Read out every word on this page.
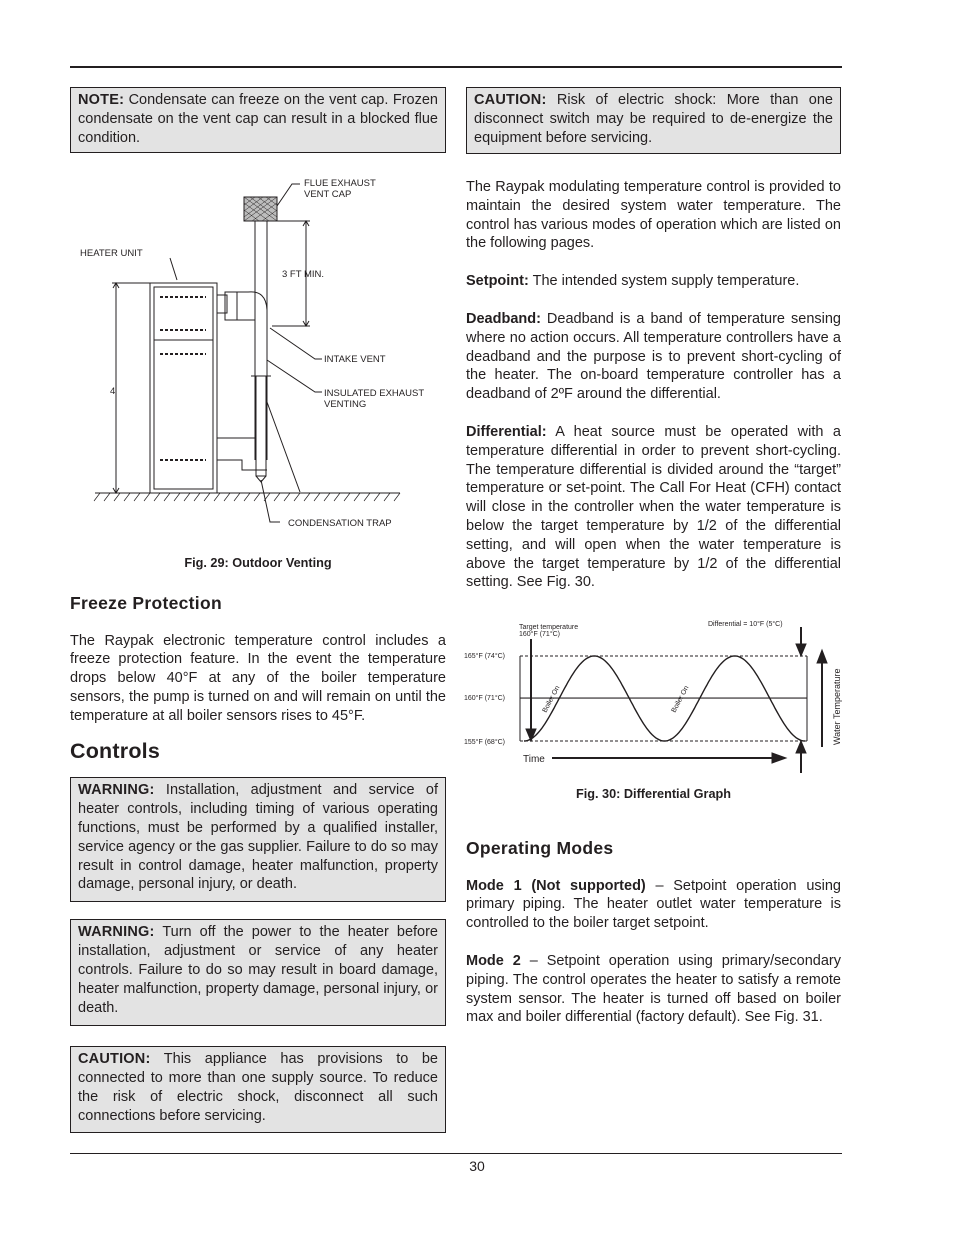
NOTE: Condensate can freeze on the vent cap. Frozen condensate on the vent cap can result in a blocked flue condition.
FLUE EXHAUST
VENT CAP
HEATER UNIT
3 FT MIN.
4
INTAKE VENT
INSULATED EXHAUST
VENTING
CONDENSATION TRAP
Fig. 29: Outdoor Venting
Freeze Protection

The Raypak electronic temperature control includes a freeze protection feature. In the event the temperature drops below 40°F at any of the boiler temperature sensors, the pump is turned on and will remain on until the temperature at all boiler sensors rises to 45°F.

Controls
WARNING: Installation, adjustment and service of heater controls, including timing of various operating functions, must be performed by a qualified installer, service agency or the gas supplier. Failure to do so may result in control damage, heater malfunction, property damage, personal injury, or death.
WARNING: Turn off the power to the heater before installation, adjustment or service of any heater controls. Failure to do so may result in board damage, heater malfunction, property damage, personal injury, or death.
CAUTION: This appliance has provisions to be connected to more than one supply source. To reduce the risk of electric shock, disconnect all such connections before servicing.
CAUTION: Risk of electric shock: More than one disconnect switch may be required to de-energize the equipment before servicing.

The Raypak modulating temperature control is provided to maintain the desired system water temperature. The control has various modes of operation which are listed on the following pages.

Setpoint: The intended system supply temperature.

Deadband: Deadband is a band of temperature sensing where no action occurs. All temperature controllers have a deadband and the purpose is to prevent short-cycling of the heater. The on-board temperature controller has a deadband of 2ºF around the differential.

Differential: A heat source must be operated with a temperature differential in order to prevent short-cycling. The temperature differential is divided around the “target” temperature or set-point. The Call For Heat (CFH) contact will close in the controller when the water temperature is below the target temperature by 1/2 of the differential setting, and will open when the water temperature is above the target temperature by 1/2 of the differential setting. See Fig. 30.

165°F (74°C)
160°F (71°C)
155°F (68°C)
Target temperature
160°F (71°C)
Differential = 10°F (5°C)
Boiler On	Boiler On
Time
Water Temperature
Fig. 30: Differential Graph
Operating Modes

Mode 1 (Not supported) – Setpoint operation using primary piping. The heater outlet water temperature is controlled to the boiler target setpoint.

Mode 2 – Setpoint operation using primary/secondary piping. The control operates the heater to satisfy a remote system sensor. The heater is turned off based on boiler max and boiler differential (factory default). See Fig. 31.

30
